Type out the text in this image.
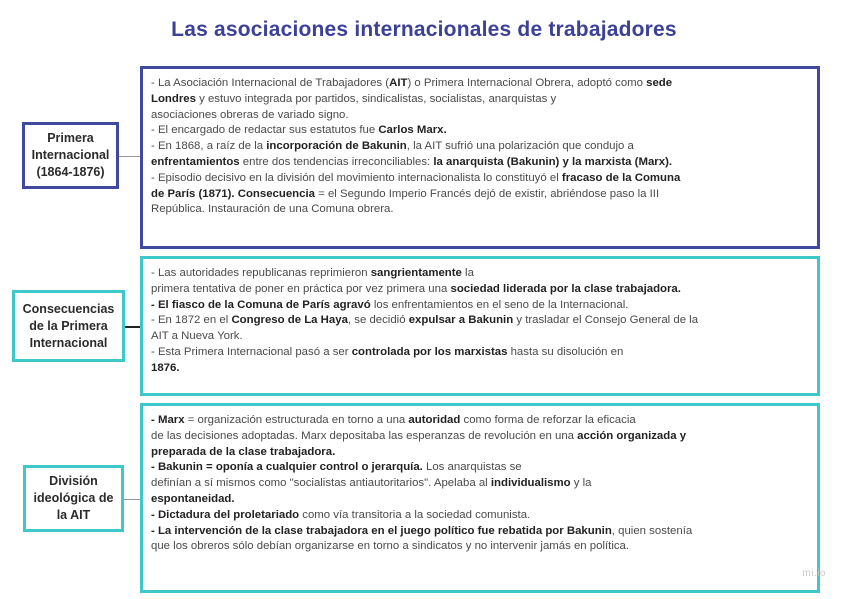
Las asociaciones internacionales de trabajadores
Primera
Internacional
(1864-1876)
- La Asociación Internacional de Trabajadores (AIT) o Primera Internacional Obrera, adoptó como sede
Londres y estuvo integrada por partidos, sindicalistas, socialistas, anarquistas y
asociaciones obreras de variado signo.
- El encargado de redactar sus estatutos fue Carlos Marx.
- En 1868, a raíz de la incorporación de Bakunin, la AIT sufrió una polarización que condujo a
enfrentamientos entre dos tendencias irreconciliables: la anarquista (Bakunin) y la marxista (Marx).
- Episodio decisivo en la división del movimiento internacionalista lo constituyó el fracaso de la Comuna
de París (1871). Consecuencia = el Segundo Imperio Francés dejó de existir, abriéndose paso la III
República. Instauración de una Comuna obrera.
Consecuencias
de la Primera
Internacional
- Las autoridades republicanas reprimieron sangrientamente la
primera tentativa de poner en práctica por vez primera una sociedad liderada por la clase trabajadora.
- El fiasco de la Comuna de París agravó los enfrentamientos en el seno de la Internacional.
- En 1872 en el Congreso de La Haya, se decidió expulsar a Bakunin y trasladar el Consejo General de la
AIT a Nueva York.
- Esta Primera Internacional pasó a ser controlada por los marxistas hasta su disolución en
1876.
División
ideológica de
la AIT
- Marx = organización estructurada en torno a una autoridad como forma de reforzar la eficacia
de las decisiones adoptadas. Marx depositaba las esperanzas de revolución en una acción organizada y
preparada de la clase trabajadora.
- Bakunin = oponía a cualquier control o jerarquía. Los anarquistas se
definían a sí mismos como "socialistas antiautoritarios". Apelaba al individualismo y la
espontaneidad.
- Dictadura del proletariado como vía transitoria a la sociedad comunista.
- La intervención de la clase trabajadora en el juego político fue rebatida por Bakunin, quien sostenía
que los obreros sólo debían organizarse en torno a sindicatos y no intervenir jamás en política.
mi.io
